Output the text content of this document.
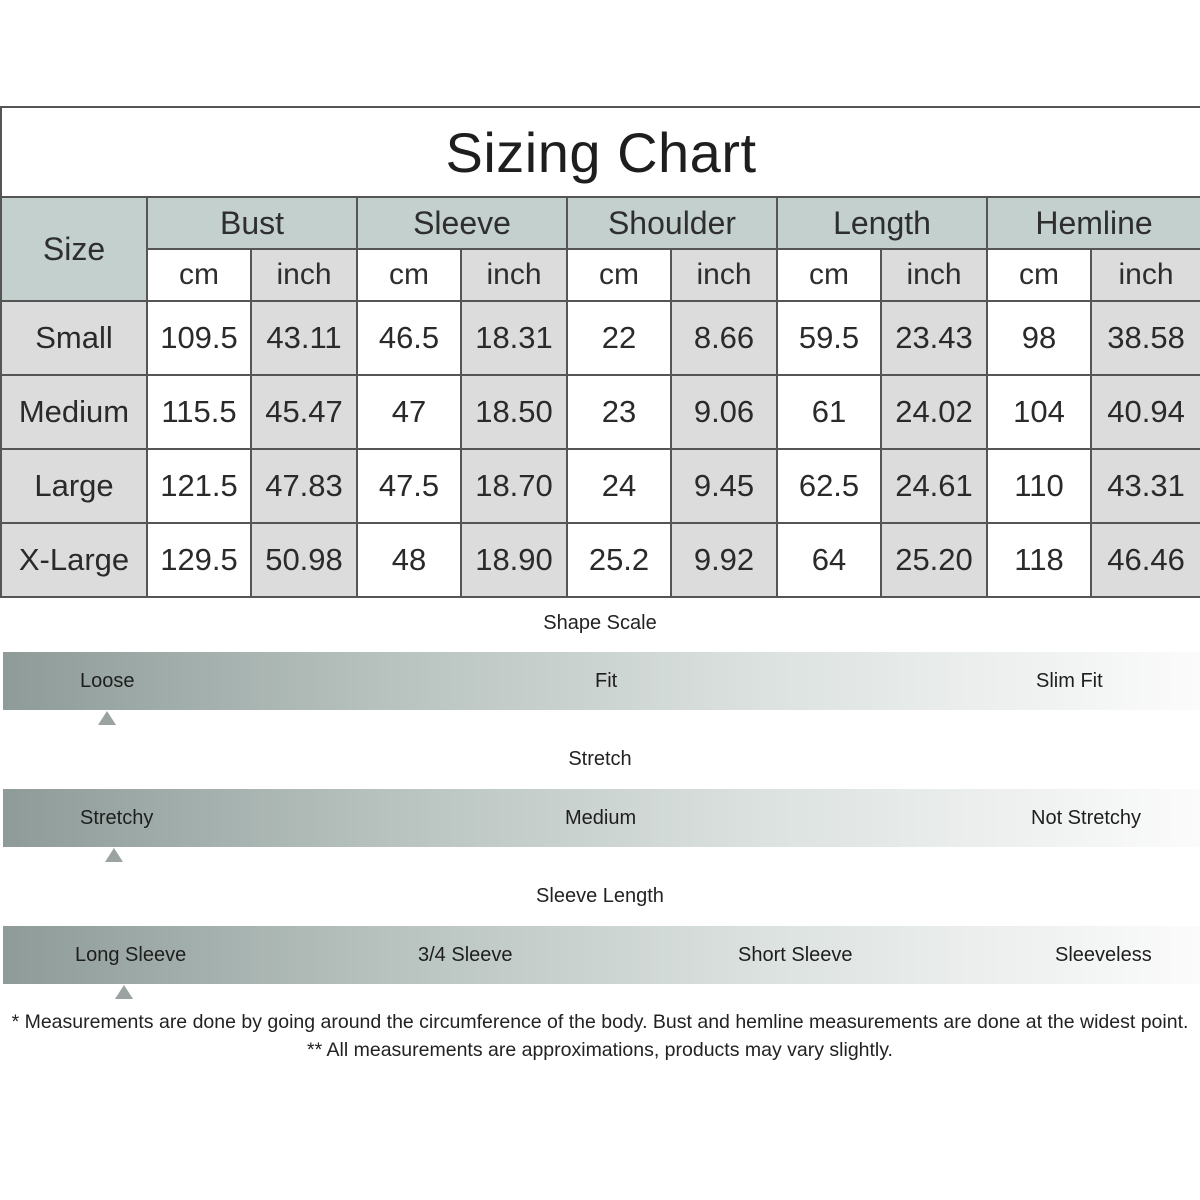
Sizing Chart										
Size	Bust		Sleeve		Shoulder		Length		Hemline	
	cm	inch	cm	inch	cm	inch	cm	inch	cm	inch
Small	109.5	43.11	46.5	18.31	22	8.66	59.5	23.43	98	38.58
Medium	115.5	45.47	47	18.50	23	9.06	61	24.02	104	40.94
Large	121.5	47.83	47.5	18.70	24	9.45	62.5	24.61	110	43.31
X-Large	129.5	50.98	48	18.90	25.2	9.92	64	25.20	118	46.46
Shape Scale
Loose	Fit	Slim Fit
Stretch
Stretchy	Medium	Not Stretchy
Sleeve Length
Long Sleeve	3/4 Sleeve	Short Sleeve	Sleeveless
* Measurements are done by going around the circumference of the body. Bust and hemline measurements are done at the widest point.
** All measurements are approximations, products may vary slightly.
